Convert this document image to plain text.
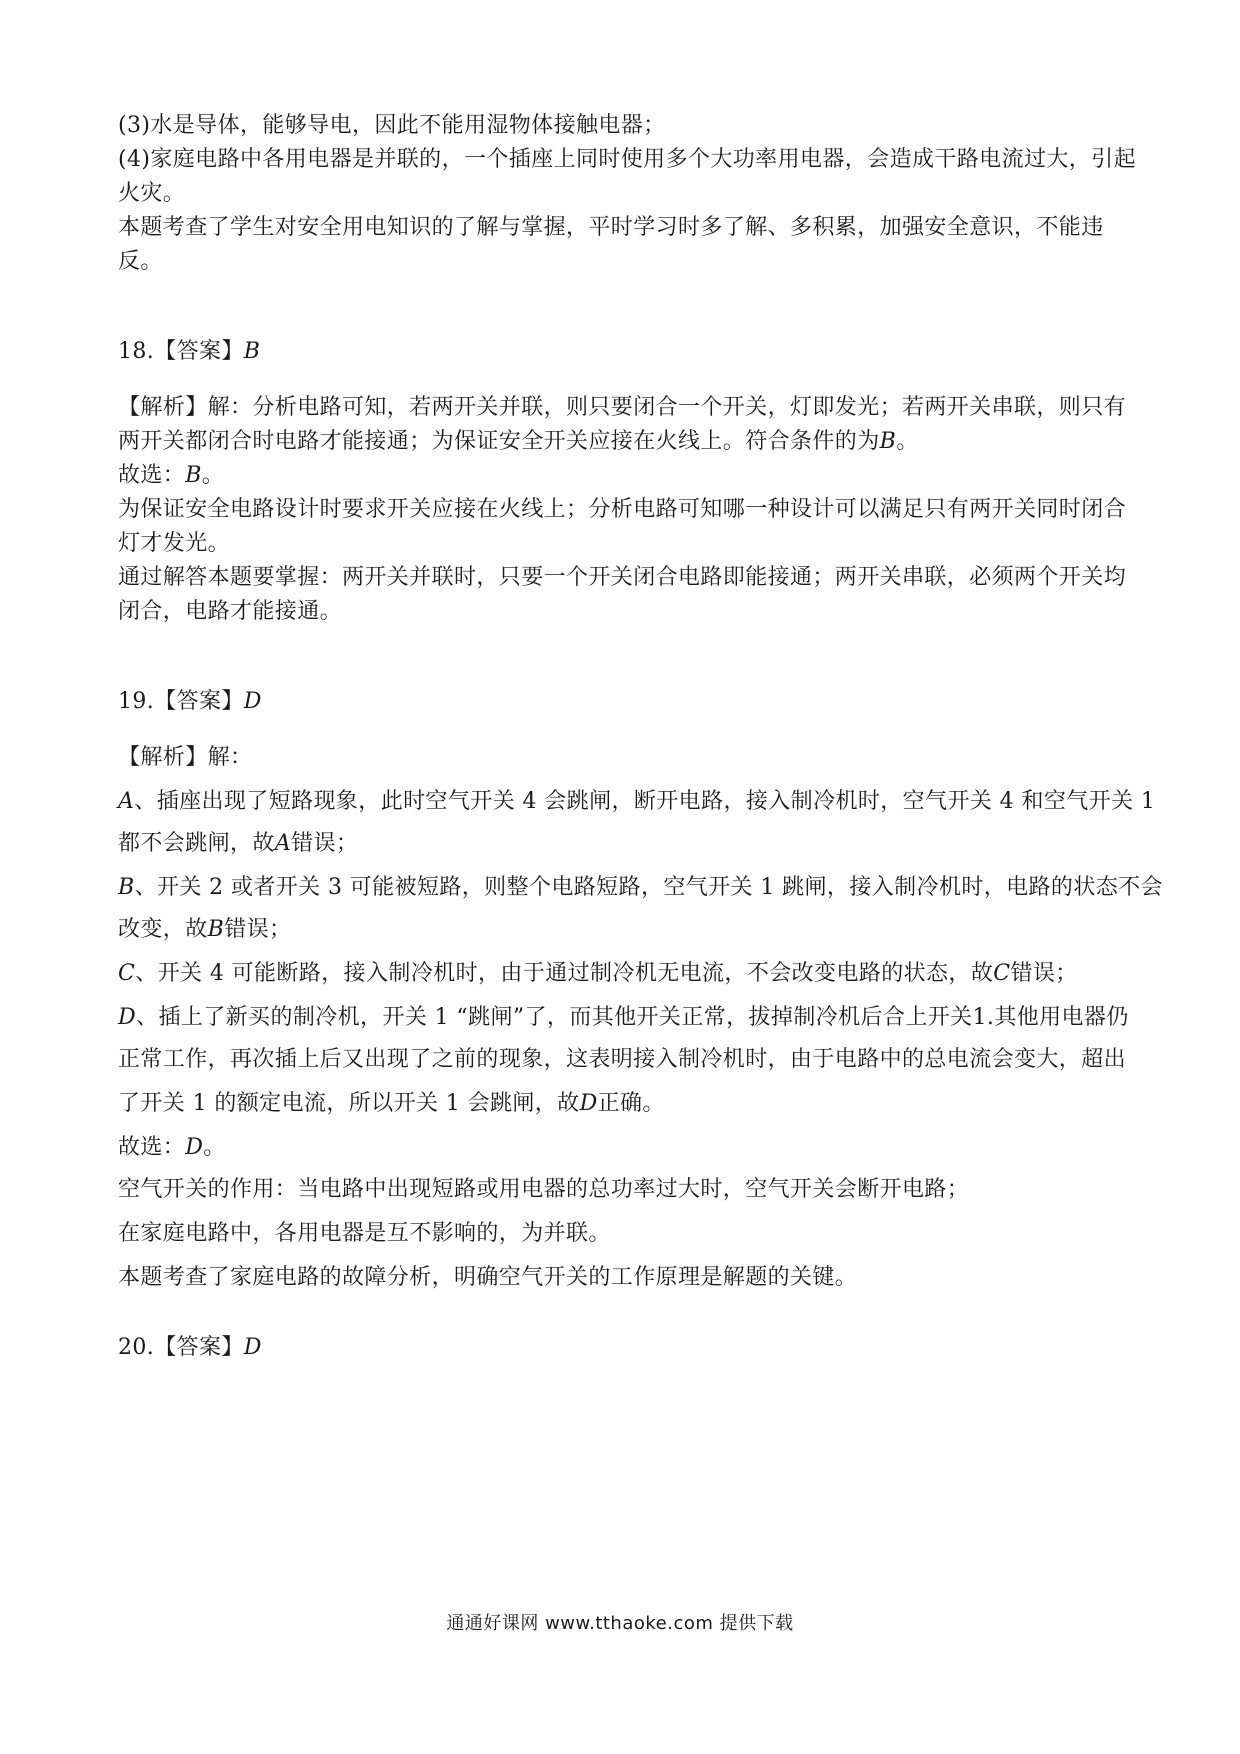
(3)水是导体，能够导电，因此不能用湿物体接触电器；
(4)家庭电路中各用电器是并联的，一个插座上同时使用多个大功率用电器，会造成干路电流过大，引起
火灾。
本题考查了学生对安全用电知识的了解与掌握，平时学习时多了解、多积累，加强安全意识，不能违
反。
18.【答案】B
【解析】解：分析电路可知，若两开关并联，则只要闭合一个开关，灯即发光；若两开关串联，则只有
两开关都闭合时电路才能接通；为保证安全开关应接在火线上。符合条件的为B。
故选：B。
为保证安全电路设计时要求开关应接在火线上；分析电路可知哪一种设计可以满足只有两开关同时闭合
灯才发光。
通过解答本题要掌握：两开关并联时，只要一个开关闭合电路即能接通；两开关串联，必须两个开关均
闭合，电路才能接通。
19.【答案】D
【解析】解：
A、插座出现了短路现象，此时空气开关 4 会跳闸，断开电路，接入制冷机时，空气开关 4 和空气开关 1
都不会跳闸，故A错误；
B、开关 2 或者开关 3 可能被短路，则整个电路短路，空气开关 1 跳闸，接入制冷机时，电路的状态不会
改变，故B错误；
C、开关 4 可能断路，接入制冷机时，由于通过制冷机无电流，不会改变电路的状态，故C错误；
D、插上了新买的制冷机，开关 1 “跳闸”了，而其他开关正常，拔掉制冷机后合上开关1.其他用电器仍
正常工作，再次插上后又出现了之前的现象，这表明接入制冷机时，由于电路中的总电流会变大，超出
了开关 1 的额定电流，所以开关 1 会跳闸，故D正确。
故选：D。
空气开关的作用：当电路中出现短路或用电器的总功率过大时，空气开关会断开电路；
在家庭电路中，各用电器是互不影响的，为并联。
本题考查了家庭电路的故障分析，明确空气开关的工作原理是解题的关键。
20.【答案】D
通通好课网 www.tthaoke.com 提供下载
